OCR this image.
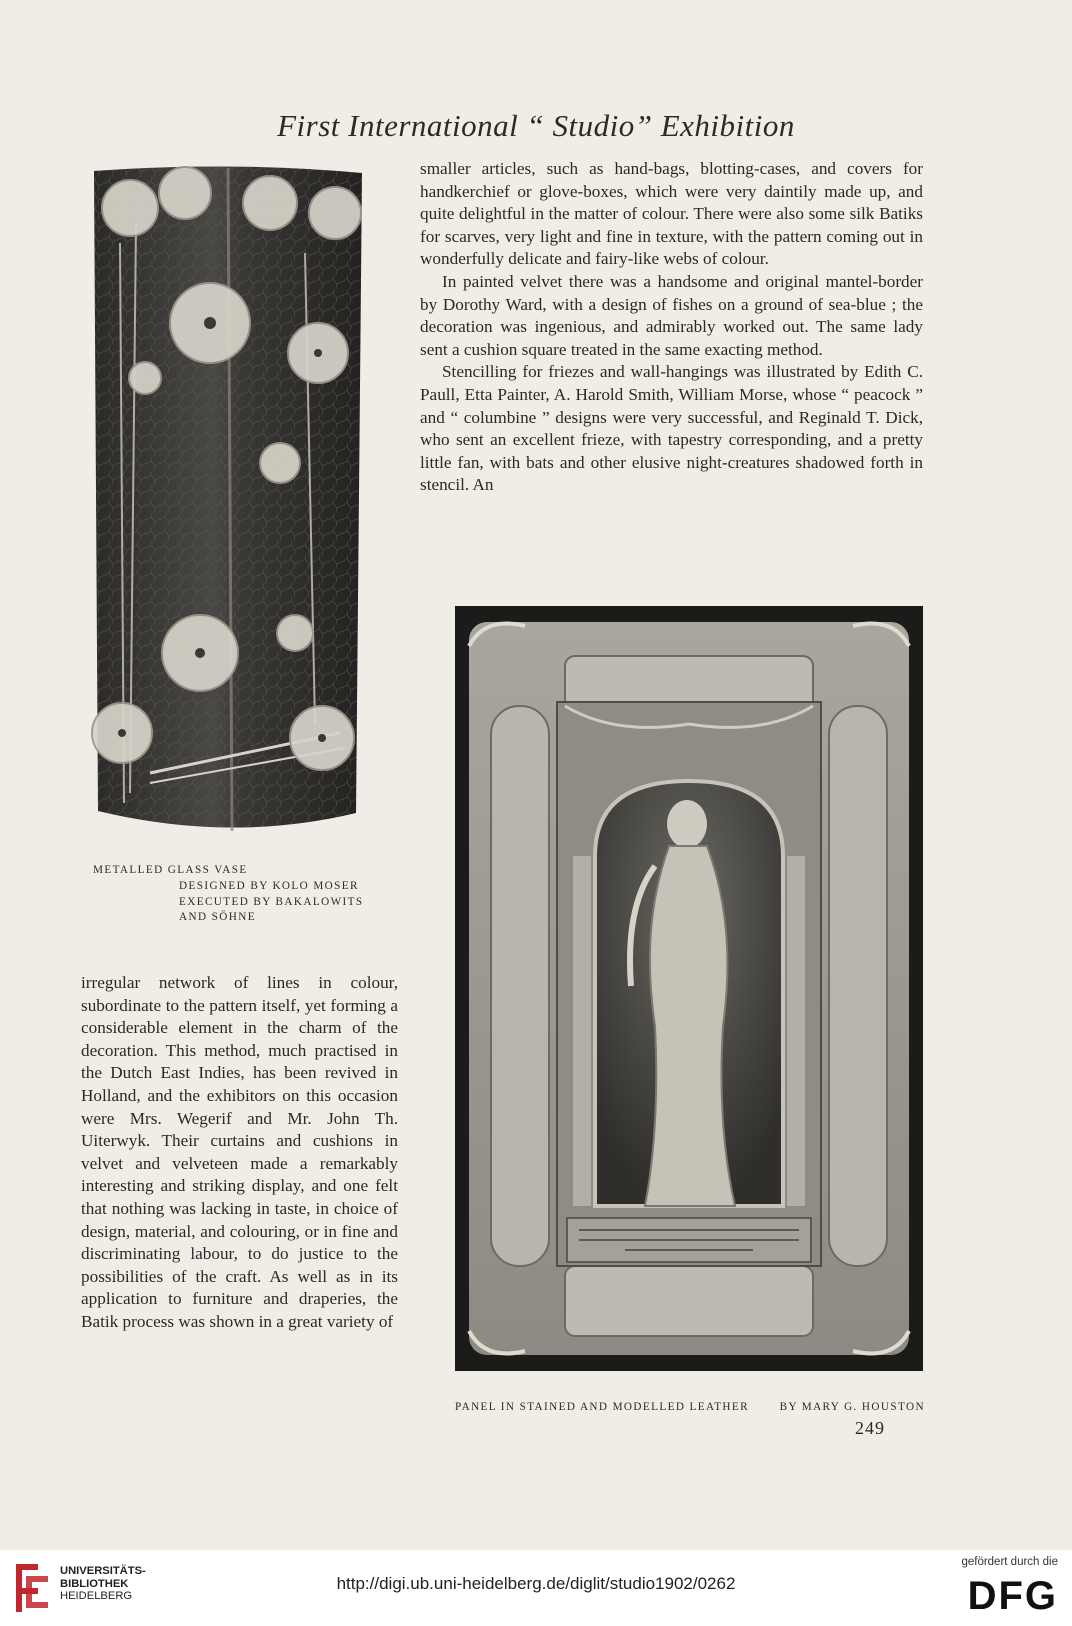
First International “ Studio” Exhibition
METALLED GLASS VASE
DESIGNED BY KOLO MOSER
EXECUTED BY BAKALOWITS
AND SÖHNE

smaller articles, such as hand-bags, blotting-cases, and covers for handkerchief or glove-boxes, which were very daintily made up, and quite delightful in the matter of colour. There were also some silk Batiks for scarves, very light and fine in texture, with the pattern coming out in wonderfully delicate and fairy-like webs of colour.

In painted velvet there was a handsome and original mantel-border by Dorothy Ward, with a design of fishes on a ground of sea-blue ; the decoration was ingenious, and admirably worked out. The same lady sent a cushion square treated in the same exacting method.

Stencilling for friezes and wall-hangings was illustrated by Edith C. Paull, Etta Painter, A. Harold Smith, William Morse, whose “ peacock ” and “ columbine ” designs were very successful, and Reginald T. Dick, who sent an excellent frieze, with tapestry corresponding, and a pretty little fan, with bats and other elusive night-creatures shadowed forth in stencil. An

PANEL IN STAINED AND MODELLED LEATHER	BY MARY G. HOUSTON

irregular network of lines in colour, subordinate to the pattern itself, yet forming a considerable element in the charm of the decoration. This method, much practised in the Dutch East Indies, has been revived in Holland, and the exhibitors on this occasion were Mrs. Wegerif and Mr. John Th. Uiterwyk. Their curtains and cushions in velvet and velveteen made a remarkably interesting and striking display, and one felt that nothing was lacking in taste, in choice of design, material, and colouring, or in fine and discriminating labour, to do justice to the possibilities of the craft. As well as in its application to furniture and draperies, the Batik process was shown in a great variety of

249
UNIVERSITÄTS-
BIBLIOTHEK
HEIDELBERG
http://digi.ub.uni-heidelberg.de/diglit/studio1902/0262
gefördert durch die
DFG
